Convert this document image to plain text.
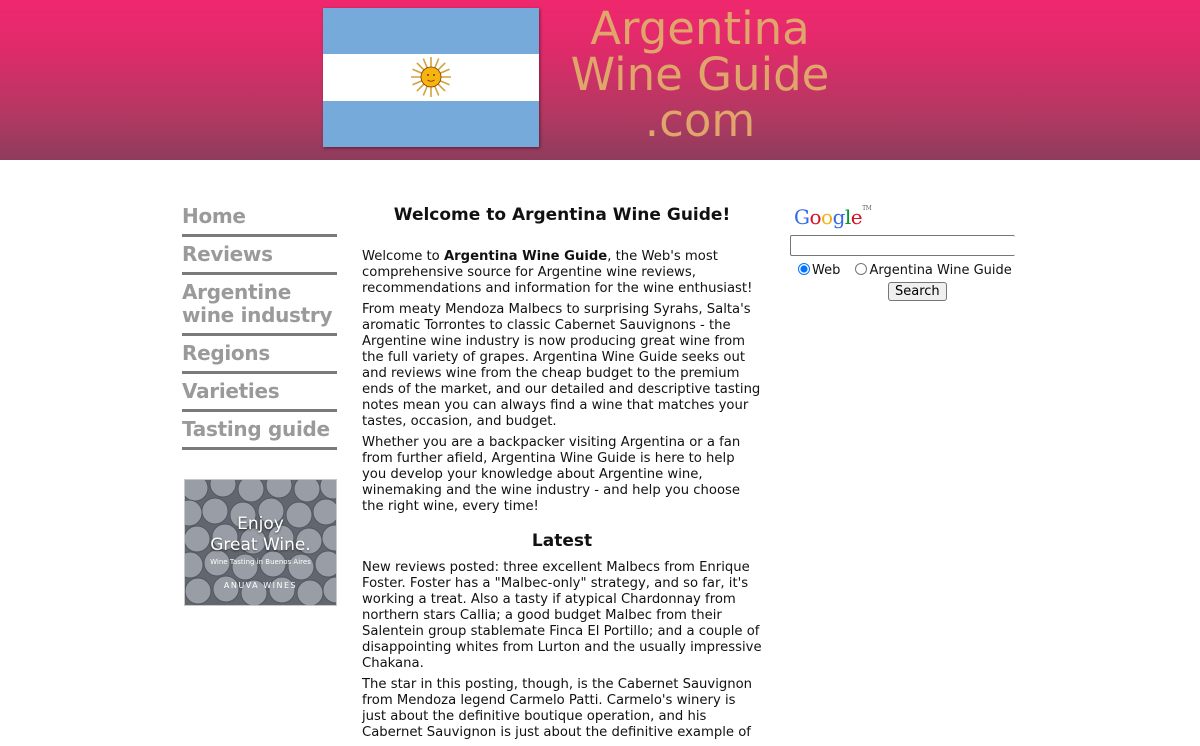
Argentina
Wine Guide
.com
Home
Reviews
Argentine wine industry
Regions
Varieties
Tasting guide
Enjoy
Great Wine.
Wine Tasting in Buenos Aires
ANUVA WINES
Welcome to Argentina Wine Guide!

Welcome to Argentina Wine Guide, the Web's most comprehensive source for Argentine wine reviews, recommendations and information for the wine enthusiast!

From meaty Mendoza Malbecs to surprising Syrahs, Salta's aromatic Torrontes to classic Cabernet Sauvignons - the Argentine wine industry is now producing great wine from the full variety of grapes. Argentina Wine Guide seeks out and reviews wine from the cheap budget to the premium ends of the market, and our detailed and descriptive tasting notes mean you can always find a wine that matches your tastes, occasion, and budget.

Whether you are a backpacker visiting Argentina or a fan from further afield, Argentina Wine Guide is here to help you develop your knowledge about Argentine wine, winemaking and the wine industry - and help you choose the right wine, every time!

Latest

New reviews posted: three excellent Malbecs from Enrique Foster. Foster has a "Malbec-only" strategy, and so far, it's working a treat. Also a tasty if atypical Chardonnay from northern stars Callia; a good budget Malbec from their Salentein group stablemate Finca El Portillo; and a couple of disappointing whites from Lurton and the usually impressive Chakana.

The star in this posting, though, is the Cabernet Sauvignon from Mendoza legend Carmelo Patti. Carmelo's winery is just about the definitive boutique operation, and his Cabernet Sauvignon is just about the definitive example of

Google™
Web Argentina Wine Guide
Search
